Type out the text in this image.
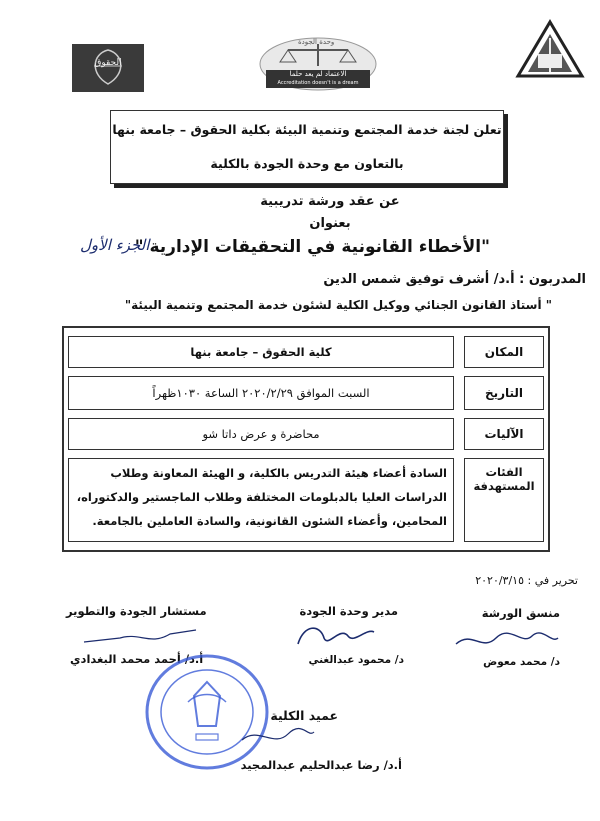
وحدة الجودة
الاعتماد لم يعد حلما
Accreditation doesn't is a dream
الحقوق
تعلن لجنة خدمة المجتمع وتنمية البيئة بكلية الحقوق – جامعة بنها
بالتعاون مع وحدة الجودة بالكلية
عن عقد ورشة تدريبية
بعنوان
"الأخطاء القانونية في التحقيقات الإدارية "
الجزء الأول
المدربون : أ.د/ أشرف توفيق شمس الدين
" أستاذ القانون الجنائي ووكيل الكلية لشئون خدمة المجتمع وتنمية البيئة"
المكان
كلية الحقوق – جامعة بنها
التاريخ
السبت الموافق ٢٠٢٠/٢/٢٩ الساعة ١٠٣٠ظهراً
الآليات
محاضرة و عرض داتا شو
الفئات المستهدفة
السادة أعضاء هيئة التدريس بالكلية، و الهيئة المعاونة وطلاب الدراسات العليا بالدبلومات المختلفة وطلاب الماجستير والدكتوراه، المحامين، وأعضاء الشئون القانونية، والسادة العاملين بالجامعة.
تحرير في : ٢٠٢٠/٣/١٥
منسق الورشة
مدير وحدة الجودة
مستشار الجودة والتطوير
د/ محمد معوض
د/ محمود عبدالغني
أ.د/ أحمد محمد البغدادي
عميد الكلية
أ.د/ رضا عبدالحليم عبدالمجيد
